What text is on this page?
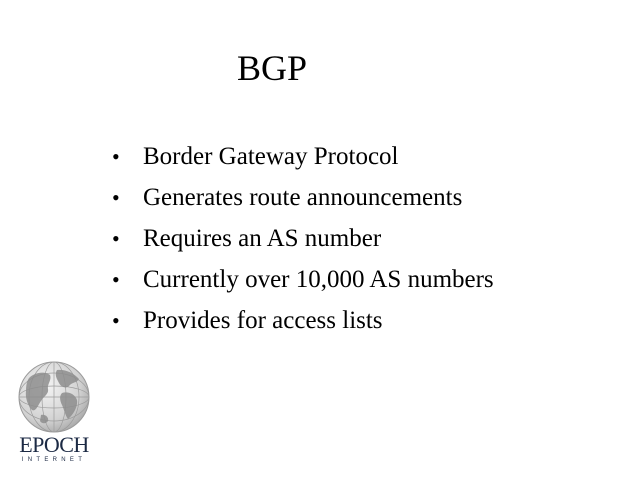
BGP
• Border Gateway Protocol
• Generates route announcements
• Requires an AS number
• Currently over 10,000 AS numbers
• Provides for access lists
EPOCH
INTERNET
